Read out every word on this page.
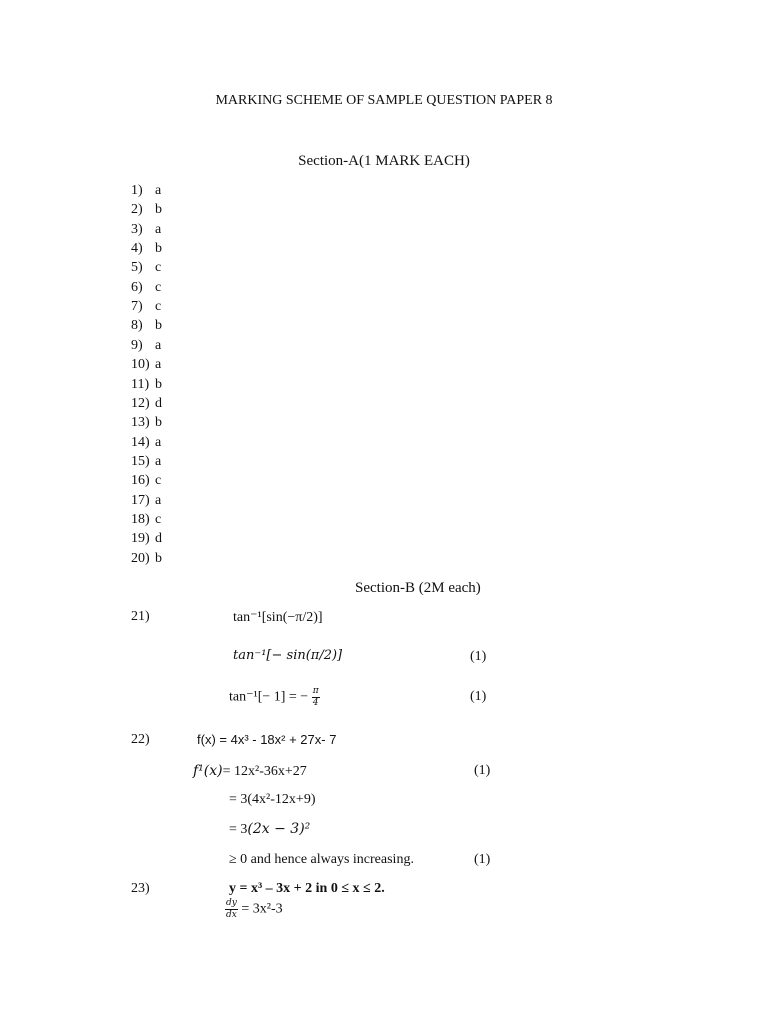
MARKING SCHEME OF SAMPLE QUESTION PAPER 8
Section-A(1 MARK EACH)
1) a
2) b
3) a
4) b
5) c
6) c
7) c
8) b
9) a
10) a
11) b
12) d
13) b
14) a
15) a
16) c
17) a
18) c
19) d
20) b
Section-B (2M each)
21)	tan⁻¹[sin(−π/2)]
tan⁻¹[− sin(π/2)]	(1)
tan⁻¹[− 1] = − $\frac{\pi}{4}$	(1)
22)	f(x) = 4x³ - 18x² + 27x- 7
f¹(x)= 12x²-36x+27	(1)
= 3(4x²-12x+9)
= 3(2x − 3)²
≥ 0 and hence always increasing.	(1)
23)	y = x³ – 3x + 2 in 0 ≤ x ≤ 2.
$\frac{dy}{dx} = 3x^2-3$
